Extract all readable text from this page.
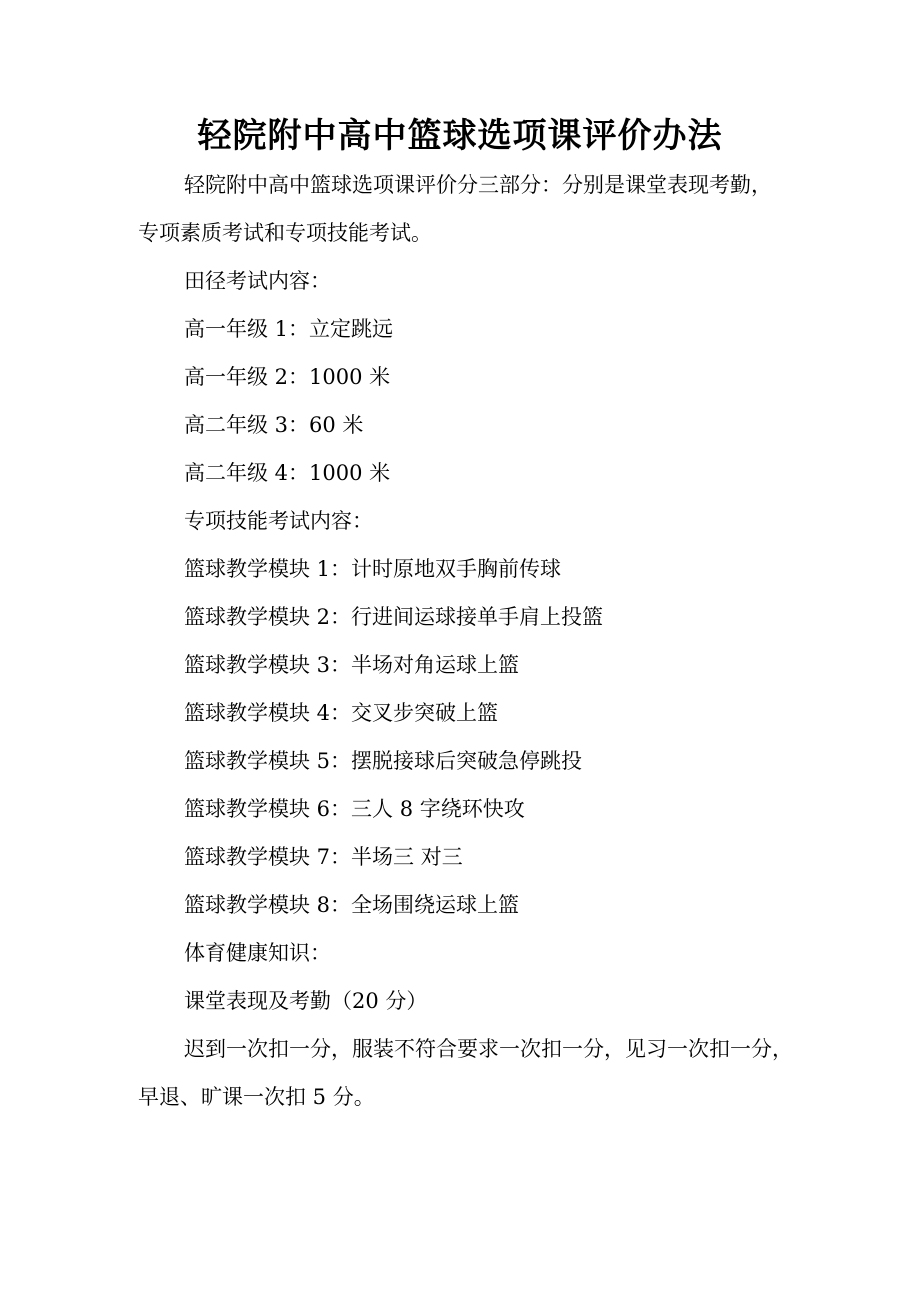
轻院附中高中篮球选项课评价办法
轻院附中高中篮球选项课评价分三部分：分别是课堂表现考勤，
专项素质考试和专项技能考试。
田径考试内容：
高一年级 1：立定跳远
高一年级 2：1000 米
高二年级 3：60 米
高二年级 4：1000 米
专项技能考试内容：
篮球教学模块 1：计时原地双手胸前传球
篮球教学模块 2：行进间运球接单手肩上投篮
篮球教学模块 3：半场对角运球上篮
篮球教学模块 4：交叉步突破上篮
篮球教学模块 5：摆脱接球后突破急停跳投
篮球教学模块 6：三人 8 字绕环快攻
篮球教学模块 7：半场三 对三
篮球教学模块 8：全场围绕运球上篮
体育健康知识：
课堂表现及考勤（20 分）
迟到一次扣一分，服装不符合要求一次扣一分，见习一次扣一分，
早退、旷课一次扣 5 分。
